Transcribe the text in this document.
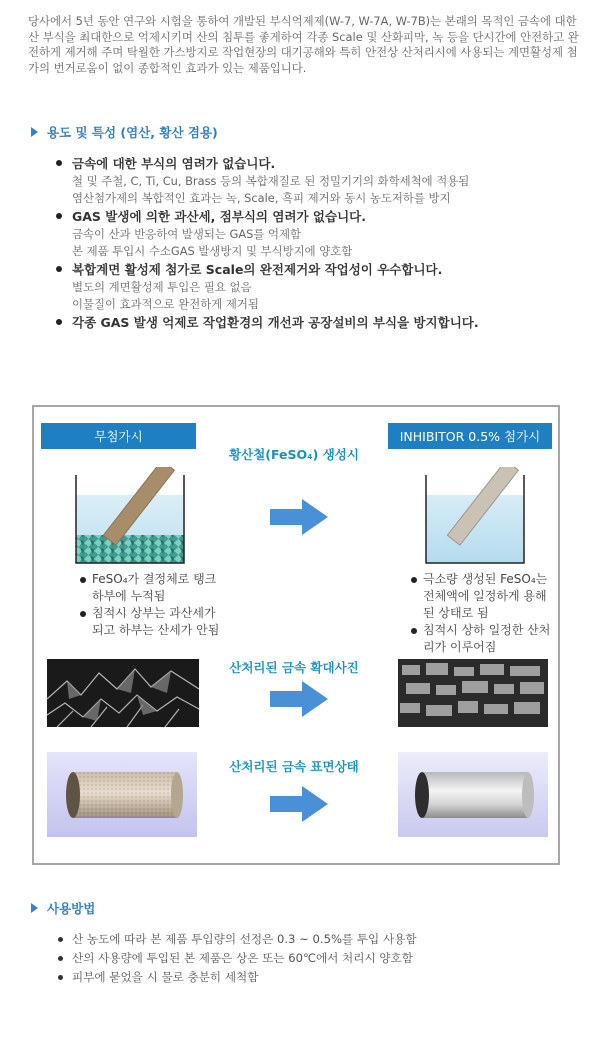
당사에서 5년 동안 연구와 시험을 통하여 개발된 부식억제제(W-7, W-7A, W-7B)는 본래의 목적인 금속에 대한 산 부식을 최대한으로 억제시키며 산의 침투를 좋게하여 각종 Scale 및 산화피막, 녹 등을 단시간에 안전하고 완전하게 제거해 주며 탁월한 가스방지로 작업현장의 대기공해와 특히 안전상 산처리시에 사용되는 계면활성제 첨가의 번거로움이 없이 종합적인 효과가 있는 제품입니다.
용도 및 특성 (염산, 황산 겸용)
금속에 대한 부식의 염려가 없습니다.
철 및 주철, C, Ti, Cu, Brass 등의 복합재질로 된 정밀기기의 화학세척에 적용됨
염산첨가제의 복합적인 효과는 녹, Scale, 흑피 제거와 동시 농도저하를 방지
GAS 발생에 의한 과산세, 점부식의 염려가 없습니다.
금속이 산과 반응하여 발생되는 GAS를 억제함
본 제품 투입시 수소GAS 발생방지 및 부식방지에 양호함
복합계면 활성제 첨가로 Scale의 완전제거와 작업성이 우수합니다.
별도의 계면활성제 투입은 필요 없음
이물질이 효과적으로 완전하게 제거됨
각종 GAS 발생 억제로 작업환경의 개선과 공장설비의 부식을 방지합니다.
무첨가시	INHIBITOR 0.5% 첨가시
황산철(FeSO₄) 생성시
FeSO₄가 결정체로 탱크 하부에 누적됨
침적시 상부는 과산세가 되고 하부는 산세가 안됨
극소량 생성된 FeSO₄는 전체액에 일정하게 용해된 상태로 됨
침적시 상하 일정한 산처리가 이루어짐
산처리된 금속 확대사진
산처리된 금속 표면상태
사용방법
산 농도에 따라 본 제품 투입량의 선정은 0.3 ~ 0.5%를 투입 사용함
산의 사용량에 투입된 본 제품은 상온 또는 60℃에서 처리시 양호함
피부에 묻었을 시 물로 충분히 세척함
